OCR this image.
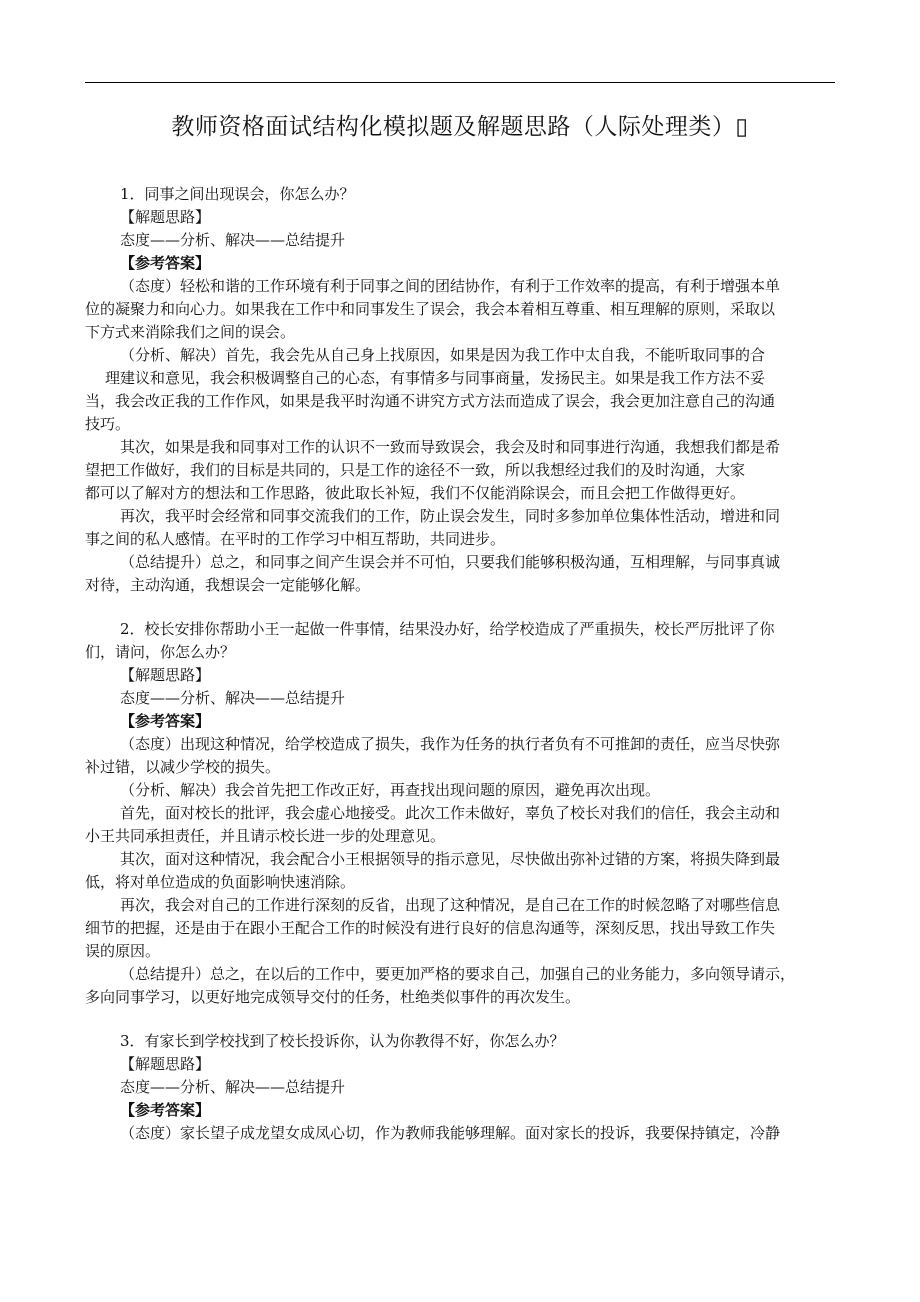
教师资格面试结构化模拟题及解题思路（人际处理类）▯
1．同事之间出现误会，你怎么办？
【解题思路】
态度——分析、解决——总结提升
【参考答案】
（态度）轻松和谐的工作环境有利于同事之间的团结协作，有利于工作效率的提高，有利于增强本单
位的凝聚力和向心力。如果我在工作中和同事发生了误会，我会本着相互尊重、相互理解的原则，采取以
下方式来消除我们之间的误会。
（分析、解决）首先，我会先从自己身上找原因，如果是因为我工作中太自我，不能听取同事的合
理建议和意见，我会积极调整自己的心态，有事情多与同事商量，发扬民主。如果是我工作方法不妥
当，我会改正我的工作作风，如果是我平时沟通不讲究方式方法而造成了误会，我会更加注意自己的沟通
技巧。
其次，如果是我和同事对工作的认识不一致而导致误会，我会及时和同事进行沟通，我想我们都是希
望把工作做好，我们的目标是共同的，只是工作的途径不一致，所以我想经过我们的及时沟通，大家
都可以了解对方的想法和工作思路，彼此取长补短，我们不仅能消除误会，而且会把工作做得更好。
再次，我平时会经常和同事交流我们的工作，防止误会发生，同时多参加单位集体性活动，增进和同
事之间的私人感情。在平时的工作学习中相互帮助，共同进步。
（总结提升）总之，和同事之间产生误会并不可怕，只要我们能够积极沟通，互相理解，与同事真诚
对待，主动沟通，我想误会一定能够化解。
2．校长安排你帮助小王一起做一件事情，结果没办好，给学校造成了严重损失，校长严厉批评了你
们，请问，你怎么办？
【解题思路】
态度——分析、解决——总结提升
【参考答案】
（态度）出现这种情况，给学校造成了损失，我作为任务的执行者负有不可推卸的责任，应当尽快弥
补过错，以减少学校的损失。
（分析、解决）我会首先把工作改正好，再查找出现问题的原因，避免再次出现。
首先，面对校长的批评，我会虚心地接受。此次工作未做好，辜负了校长对我们的信任，我会主动和
小王共同承担责任，并且请示校长进一步的处理意见。
其次，面对这种情况，我会配合小王根据领导的指示意见，尽快做出弥补过错的方案，将损失降到最
低，将对单位造成的负面影响快速消除。
再次，我会对自己的工作进行深刻的反省，出现了这种情况，是自己在工作的时候忽略了对哪些信息
细节的把握，还是由于在跟小王配合工作的时候没有进行良好的信息沟通等，深刻反思，找出导致工作失
误的原因。
（总结提升）总之，在以后的工作中，要更加严格的要求自己，加强自己的业务能力，多向领导请示，
多向同事学习，以更好地完成领导交付的任务，杜绝类似事件的再次发生。
3．有家长到学校找到了校长投诉你，认为你教得不好，你怎么办？
【解题思路】
态度——分析、解决——总结提升
【参考答案】
（态度）家长望子成龙望女成凤心切，作为教师我能够理解。面对家长的投诉，我要保持镇定，冷静
